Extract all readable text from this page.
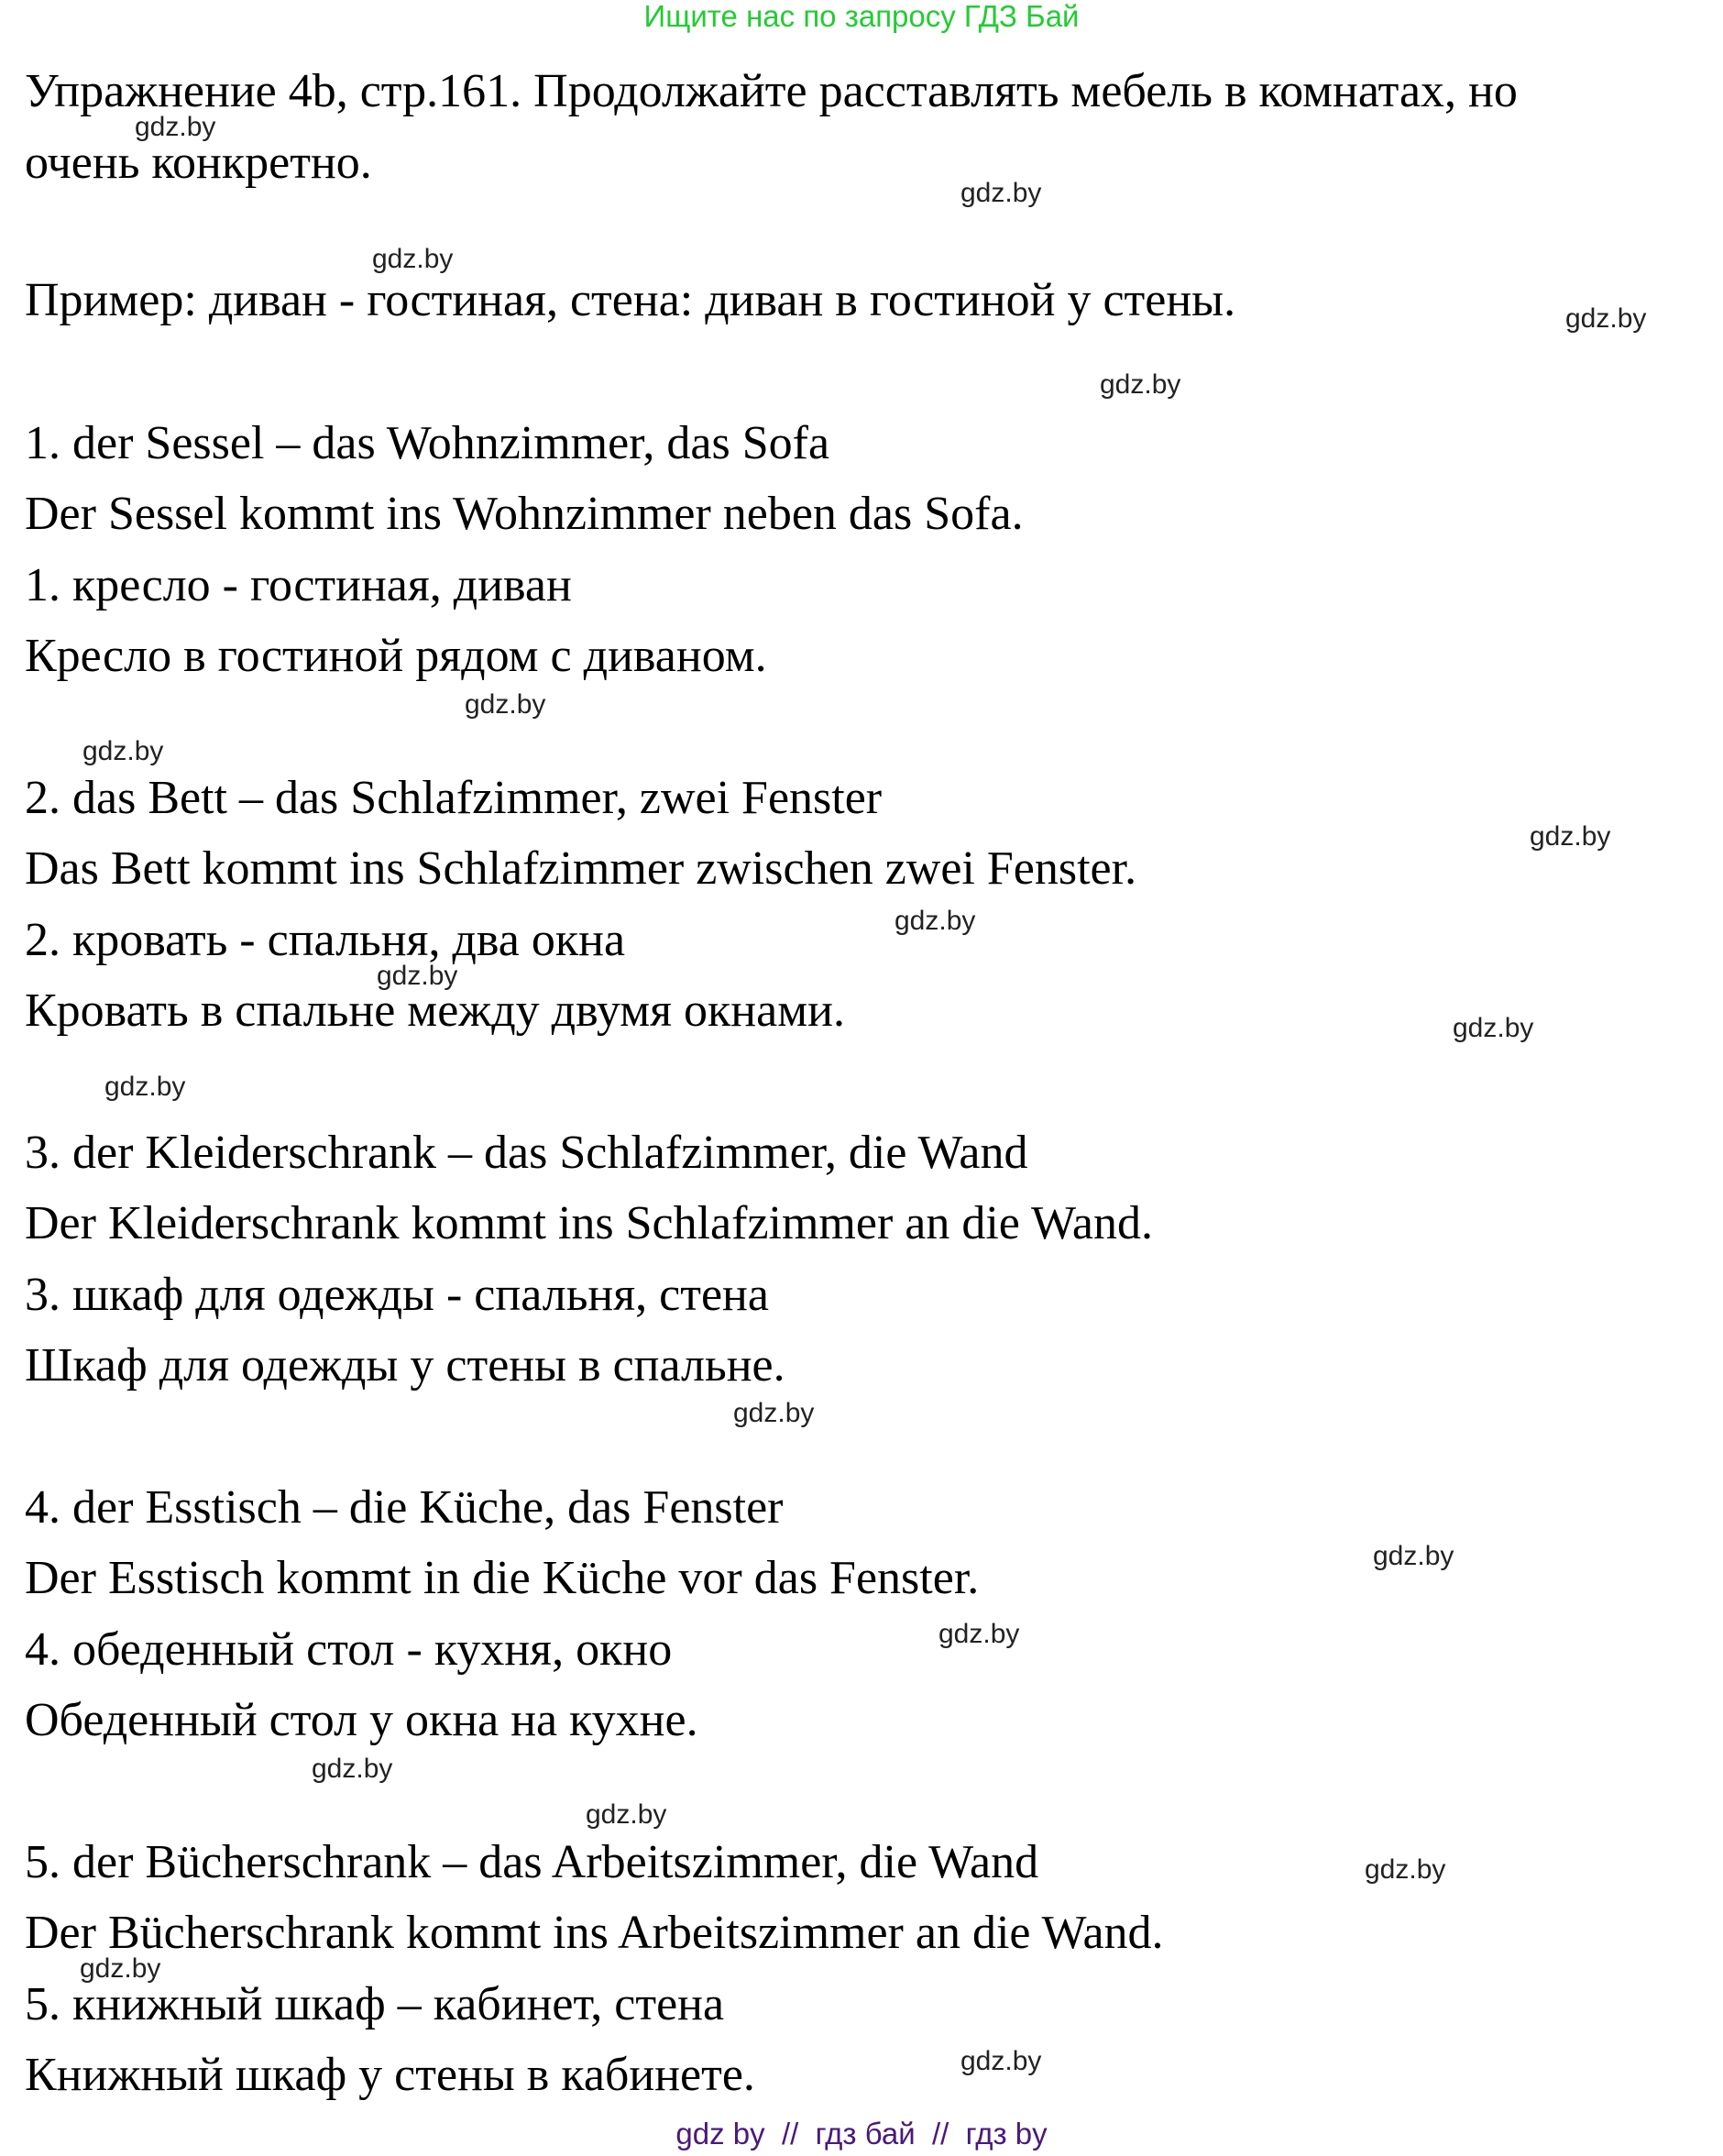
Ищите нас по запросу ГДЗ Бай
Упражнение 4b, стр.161. Продолжайте расставлять мебель в комнатах, но
очень конкретно.
Пример: диван - гостиная, стена: диван в гостиной у стены.
1. der Sessel – das Wohnzimmer, das Sofa
Der Sessel kommt ins Wohnzimmer neben das Sofa.
1. кресло - гостиная, диван
Кресло в гостиной рядом с диваном.
2. das Bett – das Schlafzimmer, zwei Fenster
Das Bett kommt ins Schlafzimmer zwischen zwei Fenster.
2. кровать - спальня, два окна
Кровать в спальне между двумя окнами.
3. der Kleiderschrank – das Schlafzimmer, die Wand
Der Kleiderschrank kommt ins Schlafzimmer an die Wand.
3. шкаф для одежды - спальня, стена
Шкаф для одежды у стены в спальне.
4. der Esstisch – die Küche, das Fenster
Der Esstisch kommt in die Küche vor das Fenster.
4. обеденный стол - кухня, окно
Обеденный стол у окна на кухне.
5. der Bücherschrank – das Arbeitszimmer, die Wand
Der Bücherschrank kommt ins Arbeitszimmer an die Wand.
5. книжный шкаф – кабинет, стена
Книжный шкаф у стены в кабинете.
gdz.by
gdz.by
gdz.by
gdz.by
gdz.by
gdz.by
gdz.by
gdz.by
gdz.by
gdz.by
gdz.by
gdz.by
gdz.by
gdz.by
gdz.by
gdz.by
gdz.by
gdz.by
gdz.by
gdz.by
gdz by  //  гдз бай  //  гдз by
